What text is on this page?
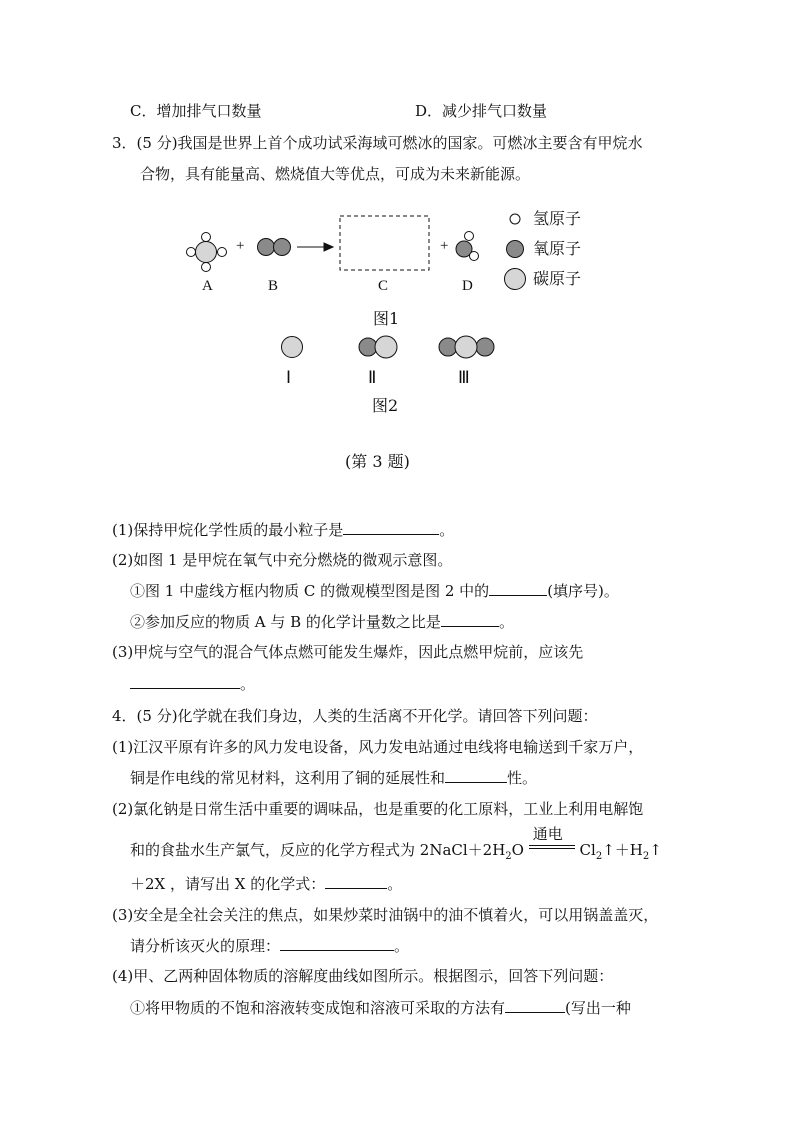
C．增加排气口数量	D．减少排气口数量
3．(5 分)我国是世界上首个成功试采海域可燃冰的国家。可燃冰主要含有甲烷水
合物，具有能量高、燃烧值大等优点，可成为未来新能源。
+	+
A	B	C	D
氢原子
氧原子
碳原子
图1
Ⅰ	Ⅱ	Ⅲ
图2
(第 3 题)
(1)保持甲烷化学性质的最小粒子是	。
(2)如图 1 是甲烷在氧气中充分燃烧的微观示意图。
①图 1 中虚线方框内物质 C 的微观模型图是图 2 中的	(填序号)。
②参加反应的物质 A 与 B 的化学计量数之比是	。
(3)甲烷与空气的混合气体点燃可能发生爆炸，因此点燃甲烷前，应该先
。
4．(5 分)化学就在我们身边，人类的生活离不开化学。请回答下列问题：
(1)江汉平原有许多的风力发电设备，风力发电站通过电线将电输送到千家万户，
铜是作电线的常见材料，这利用了铜的延展性和	性。
(2)氯化钠是日常生活中重要的调味品，也是重要的化工原料，工业上利用电解饱
和的食盐水生产氯气，反应的化学方程式为 $2NaCl+2H_2O$
通电
$Cl_2↑+H_2↑$
＋2X ，请写出 X 的化学式：	。
(3)安全是全社会关注的焦点，如果炒菜时油锅中的油不慎着火，可以用锅盖盖灭，
请分析该灭火的原理：	。
(4)甲、乙两种固体物质的溶解度曲线如图所示。根据图示，回答下列问题：
①将甲物质的不饱和溶液转变成饱和溶液可采取的方法有	(写出一种
